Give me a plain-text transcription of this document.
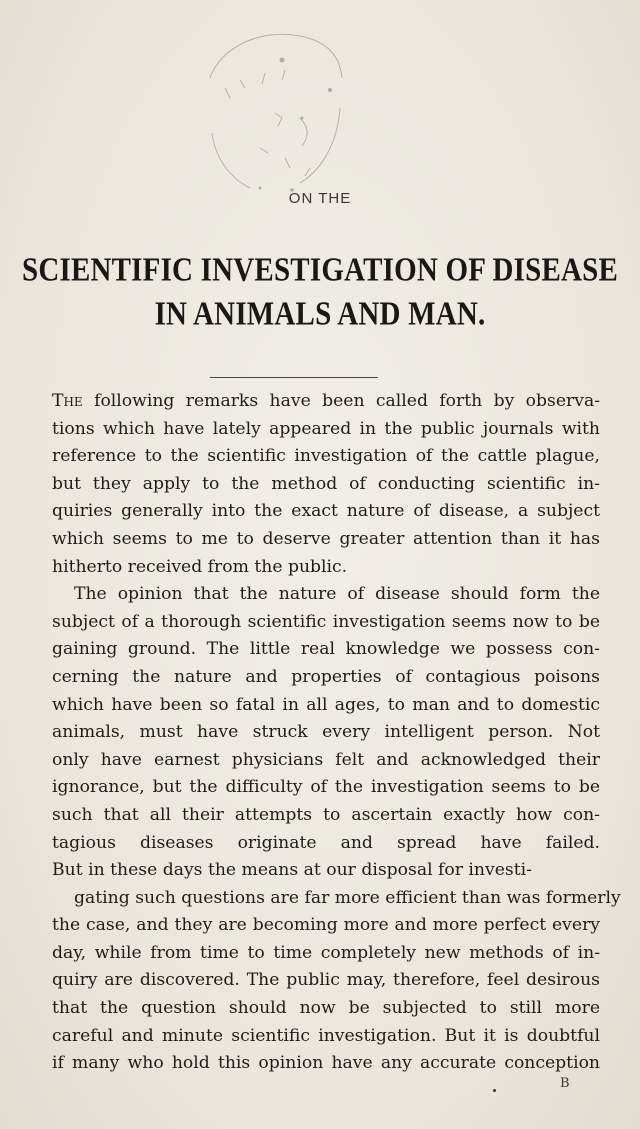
ON THE
SCIENTIFIC INVESTIGATION OF DISEASE
IN ANIMALS AND MAN.
The following remarks have been called forth by observa-
tions which have lately appeared in the public journals with
reference to the scientific investigation of the cattle plague,
but they apply to the method of conducting scientific in-
quiries generally into the exact nature of disease, a subject
which seems to me to deserve greater attention than it has
hitherto received from the public.
The opinion that the nature of disease should form the
subject of a thorough scientific investigation seems now to be
gaining ground. The little real knowledge we possess con-
cerning the nature and properties of contagious poisons
which have been so fatal in all ages, to man and to domestic
animals, must have struck every intelligent person. Not
only have earnest physicians felt and acknowledged their
ignorance, but the difficulty of the investigation seems to be
such that all their attempts to ascertain exactly how con-
tagious diseases originate and spread have failed.
But in these days the means at our disposal for investi-
gating such questions are far more efficient than was formerly
the case, and they are becoming more and more perfect every
day, while from time to time completely new methods of in-
quiry are discovered. The public may, therefore, feel desirous
that the question should now be subjected to still more
careful and minute scientific investigation. But it is doubtful
if many who hold this opinion have any accurate conception
B
